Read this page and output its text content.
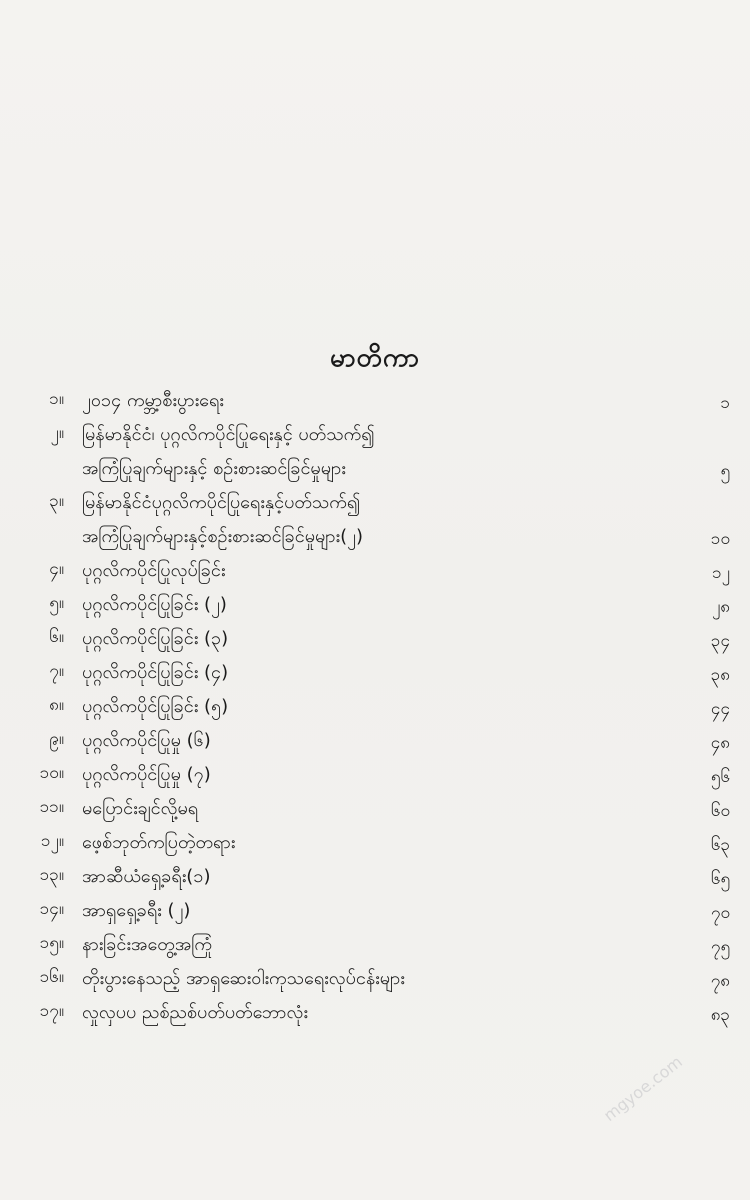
မာတိကာ
၁။ ၂၀၁၄ ကမ္ဘာ့စီးပွားရေး	၁
၂။ မြန်မာနိုင်ငံ၊ ပုဂ္ဂလိကပိုင်ပြုရေးနှင့် ပတ်သက်၍
အကြံပြုချက်များနှင့် စဉ်းစားဆင်ခြင်မှုများ	၅
၃။ မြန်မာနိုင်ငံပုဂ္ဂလိကပိုင်ပြုရေးနှင့်ပတ်သက်၍
အကြံပြုချက်များနှင့်စဉ်းစားဆင်ခြင်မှုများ(၂)	၁၀
၄။ ပုဂ္ဂလိကပိုင်ပြုလုပ်ခြင်း	၁၂
၅။ ပုဂ္ဂလိကပိုင်ပြုခြင်း (၂)	၂၈
၆။ ပုဂ္ဂလိကပိုင်ပြုခြင်း (၃)	၃၄
၇။ ပုဂ္ဂလိကပိုင်ပြုခြင်း (၄)	၃၈
၈။ ပုဂ္ဂလိကပိုင်ပြုခြင်း (၅)	၄၄
၉။ ပုဂ္ဂလိကပိုင်ပြုမှု (၆)	၄၈
၁၀။ ပုဂ္ဂလိကပိုင်ပြုမှု (၇)	၅၆
၁၁။ မပြောင်းချင်လို့မရ	၆၀
၁၂။ ဖေ့စ်ဘုတ်ကပြတဲ့တရား	၆၃
၁၃။ အာဆီယံရှေ့ခရီး(၁)	၆၅
၁၄။ အာရှရှေ့ခရီး (၂)	၇၀
၁၅။ နားခြင်းအတွေ့အကြုံ	၇၅
၁၆။ တိုးပွားနေသည့် အာရှဆေးဝါးကုသရေးလုပ်ငန်းများ	၇၈
၁၇။ လှုလှပပ ညစ်ညစ်ပတ်ပတ်ဘောလုံး	၈၃
mgyoe.com
